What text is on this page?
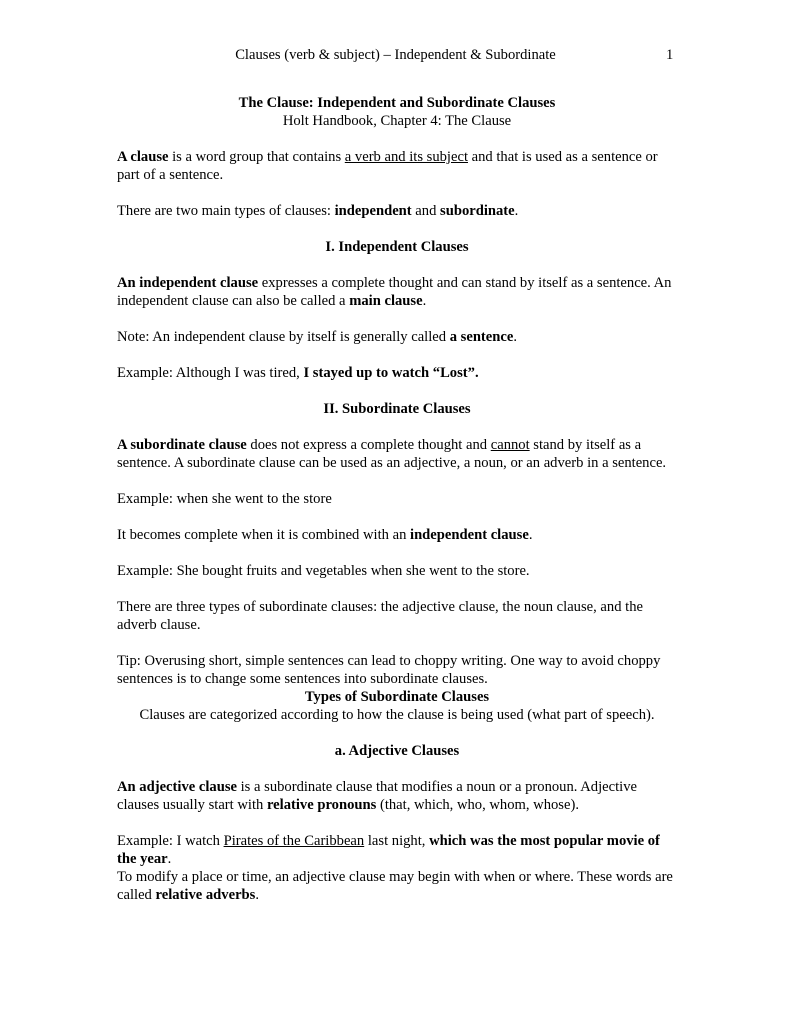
Clauses (verb & subject) – Independent & Subordinate	1

The Clause: Independent and Subordinate Clauses

Holt Handbook, Chapter 4: The Clause

A clause is a word group that contains a verb and its subject and that is used as a sentence or part of a sentence.

There are two main types of clauses: independent and subordinate.

I. Independent Clauses

An independent clause expresses a complete thought and can stand by itself as a sentence. An independent clause can also be called a main clause.

Note: An independent clause by itself is generally called a sentence.

Example: Although I was tired, I stayed up to watch “Lost”.

II. Subordinate Clauses

A subordinate clause does not express a complete thought and cannot stand by itself as a sentence. A subordinate clause can be used as an adjective, a noun, or an adverb in a sentence.

Example: when she went to the store

It becomes complete when it is combined with an independent clause.

Example: She bought fruits and vegetables when she went to the store.

There are three types of subordinate clauses: the adjective clause, the noun clause, and the adverb clause.

Tip: Overusing short, simple sentences can lead to choppy writing. One way to avoid choppy sentences is to change some sentences into subordinate clauses.

Types of Subordinate Clauses

Clauses are categorized according to how the clause is being used (what part of speech).

a. Adjective Clauses

An adjective clause is a subordinate clause that modifies a noun or a pronoun. Adjective clauses usually start with relative pronouns (that, which, who, whom, whose).

Example: I watch Pirates of the Caribbean last night, which was the most popular movie of the year.

To modify a place or time, an adjective clause may begin with when or where. These words are called relative adverbs.
